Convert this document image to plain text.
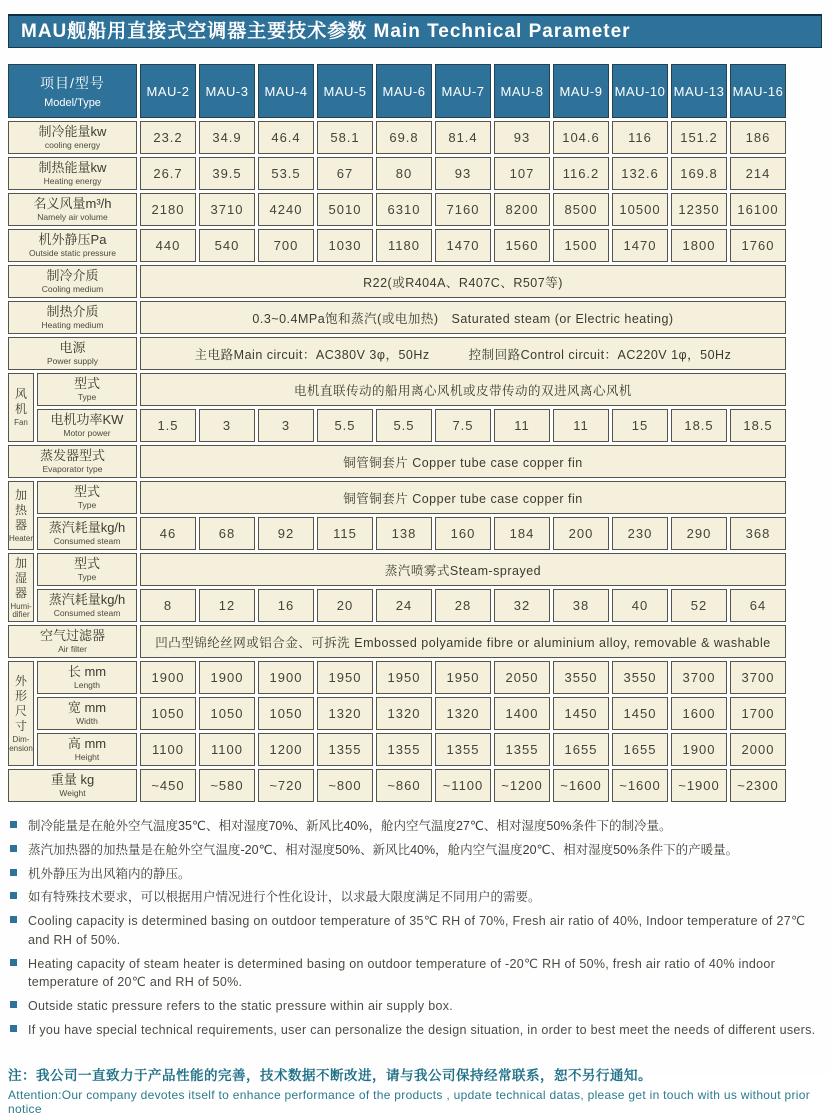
MAU舰船用直接式空调器主要技术参数 Main Technical Parameter
项目/型号
Model/Type
MAU-2	MAU-3	MAU-4	MAU-5	MAU-6	MAU-7	MAU-8	MAU-9 MAU-10 MAU-13 MAU-16
制冷能量kw
cooling energy
23.2	34.9	46.4	58.1	69.8	81.4	93	104.6	116	151.2	186
制热能量kw
Heating energy
26.7	39.5	53.5	67	80	93	107	116.2	132.6	169.8	214
名义风量m³/h
Namely air volume
2180	3710	4240	5010	6310	7160	8200	8500	10500	12350	16100
机外静压Pa
Outside static pressure
440	540	700	1030	1180	1470	1560	1500	1470	1800	1760
制冷介质
Cooling medium	R22(或R404A、R407C、R507等)
制热介质
Heating medium	0.3~0.4MPa饱和蒸汽(或电加热)　Saturated steam (or Electric heating)
电源
Power supply	主电路Main circuit：AC380V 3φ，50Hz　　　控制回路Control circuit：AC220V 1φ，50Hz
风机
Fan
型式
Type	电机直联传动的船用离心风机或皮带传动的双进风离心风机
电机功率KW
Motor power
1.5	3	3	5.5	5.5	7.5	11	11	15	18.5	18.5
蒸发器型式
Evaporator type	铜管铜套片 Copper tube case copper fin
加热器
Heater
型式
Type	铜管铜套片 Copper tube case copper fin
蒸汽耗量kg/h
Consumed steam
46	68	92	115	138	160	184	200	230	290	368
加湿器
Humi-difier
型式
Type	蒸汽喷雾式Steam-sprayed
蒸汽耗量kg/h
Consumed steam
8	12	16	20	24	28	32	38	40	52	64
空气过滤器
Air filter	凹凸型锦纶丝网或铝合金、可拆洗 Embossed polyamide fibre or aluminium alloy, removable & washable
外形尺寸
Dim-ension
长 mm
Length
1900	1900	1900	1950	1950	1950	2050	3550	3550	3700	3700
宽 mm
Width
1050	1050	1050	1320	1320	1320	1400	1450	1450	1600	1700
高 mm
Height
1100	1100	1200	1355	1355	1355	1355	1655	1655	1900	2000
重量 kg
Weight
~450	~580	~720	~800	~860	~1100	~1200	~1600	~1600	~1900	~2300
制冷能量是在舱外空气温度35℃、相对湿度70%、新风比40%，舱内空气温度27℃、相对湿度50%条件下的制冷量。
蒸汽加热器的加热量是在舱外空气温度-20℃、相对湿度50%、新风比40%，舱内空气温度20℃、相对湿度50%条件下的产暖量。
机外静压为出风箱内的静压。
如有特殊技术要求，可以根据用户情况进行个性化设计，以求最大限度满足不同用户的需要。
Cooling capacity is determined basing on outdoor temperature of 35℃ RH of 70%, Fresh air ratio of 40%, Indoor temperature of 27℃ and RH of 50%.
Heating capacity of steam heater is determined basing on outdoor temperature of -20℃ RH of 50%, fresh air ratio of 40% indoor temperature of 20℃ and RH of 50%.
Outside static pressure refers to the static pressure within air supply box.
If you have special technical requirements, user can personalize the design situation, in order to best meet the needs of different users.
注：我公司一直致力于产品性能的完善，技术数据不断改进，请与我公司保持经常联系，恕不另行通知。
Attention:Our company devotes itself to enhance performance of the products , update technical datas, please get in touch with us without prior notice
